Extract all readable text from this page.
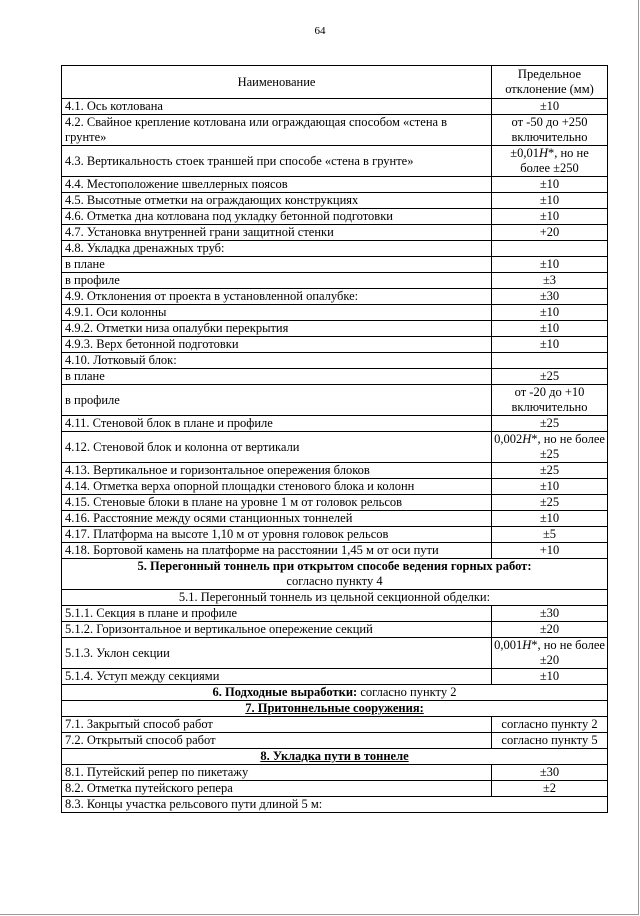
64
Наименование	Предельное отклонение (мм)
4.1. Ось котлована	±10
4.2. Свайное крепление котлована или ограждающая способом «стена в грунте»	от -50 до +250 включительно
4.3. Вертикальность стоек траншей при способе «стена в грунте»	±0,01H*, но не более ±250
4.4. Местоположение швеллерных поясов	±10
4.5. Высотные отметки на ограждающих конструкциях	±10
4.6. Отметка дна котлована под укладку бетонной подготовки	±10
4.7. Установка внутренней грани защитной стенки	+20
4.8. Укладка дренажных труб:	
в плане	±10
в профиле	±3
4.9. Отклонения от проекта в установленной опалубке:	±30
4.9.1. Оси колонны	±10
4.9.2. Отметки низа опалубки перекрытия	±10
4.9.3. Верх бетонной подготовки	±10
4.10. Лотковый блок:	
в плане	±25
в профиле	от -20 до +10 включительно
4.11. Стеновой блок в плане и профиле	±25
4.12. Стеновой блок и колонна от вертикали	0,002H*, но не более ±25
4.13. Вертикальное и горизонтальное опережения блоков	±25
4.14. Отметка верха опорной площадки стенового блока и колонн	±10
4.15. Стеновые блоки в плане на уровне 1 м от головок рельсов	±25
4.16. Расстояние между осями станционных тоннелей	±10
4.17. Платформа на высоте 1,10 м от уровня головок рельсов	±5
4.18. Бортовой камень на платформе на расстоянии 1,45 м от оси пути	+10

5. Перегонный тоннель при открытом способе ведения горных работ:
согласно пункту 4	

5.1. Перегонный тоннель из цельной секционной обделки:	
5.1.1. Секция в плане и профиле	±30
5.1.2. Горизонтальное и вертикальное опережение секций	±20
5.1.3. Уклон секции	0,001H*, но не более ±20
5.1.4. Уступ между секциями	±10
6. Подходные выработки: согласно пункту 2	
7. Притоннельные сооружения:	
7.1. Закрытый способ работ	согласно пункту 2
7.2. Открытый способ работ	согласно пункту 5
8. Укладка пути в тоннеле	
8.1. Путейский репер по пикетажу	±30
8.2. Отметка путейского репера	±2
8.3. Концы участка рельсового пути длиной 5 м:	
